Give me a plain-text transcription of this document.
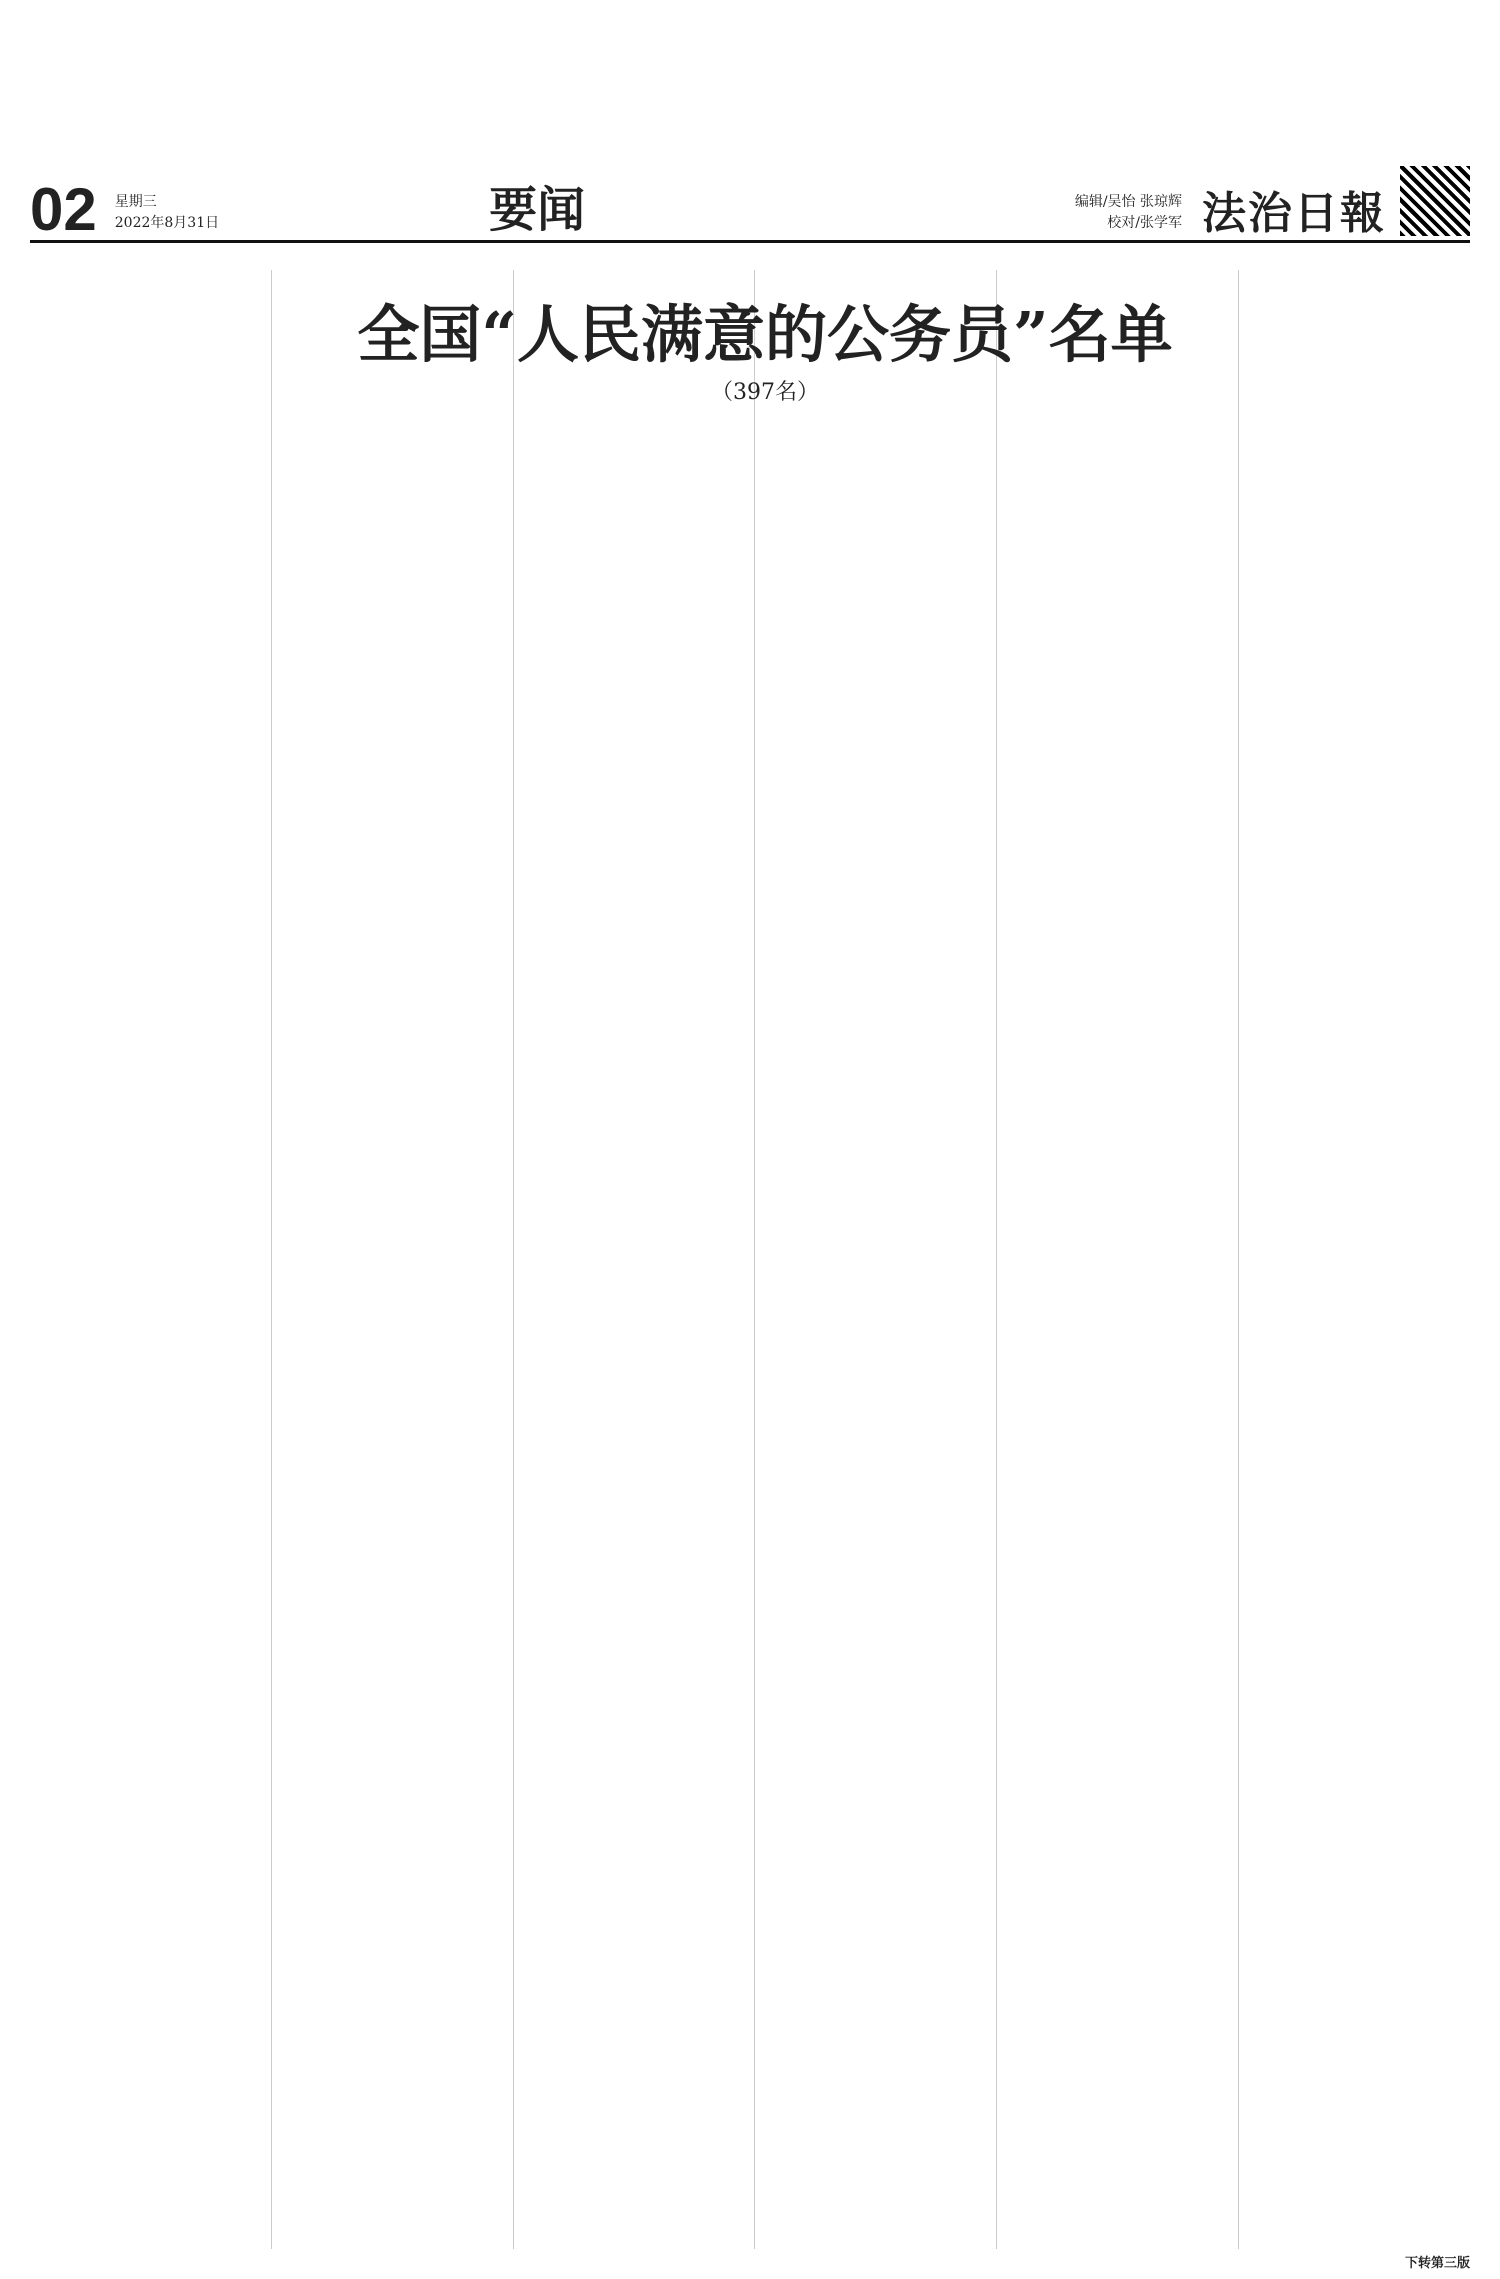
02 星期三
2022年8月31日	要闻	编辑/吴怡 张琼辉
校对/张学军 法治日報
全国“人民满意的公务员”名单
（397名）
下转第三版
